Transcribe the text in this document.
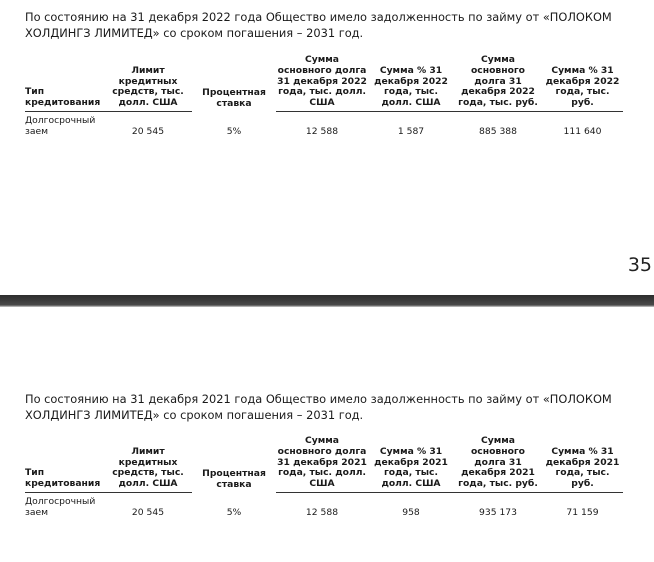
По состоянию на 31 декабря 2022 года Общество имело задолженность по займу от «ПОЛОКОМ ХОЛДИНГЗ ЛИМИТЕД» со сроком погашения – 2031 год.

Тип кредитования	Лимит кредитных средств, тыс. долл. США	Процентная ставка	Сумма основного долга 31 декабря 2022 года, тыс. долл. США	Сумма % 31 декабря 2022 года, тыс. долл. США	Сумма основного долга 31 декабря 2022 года, тыс. руб.	Сумма % 31 декабря 2022 года, тыс. руб.
Долгосрочный заем	20 545	5%	12 588	1 587	885 388	111 640
35

По состоянию на 31 декабря 2021 года Общество имело задолженность по займу от «ПОЛОКОМ ХОЛДИНГЗ ЛИМИТЕД» со сроком погашения – 2031 год.

Тип кредитования	Лимит кредитных средств, тыс. долл. США	Процентная ставка	Сумма основного долга 31 декабря 2021 года, тыс. долл. США	Сумма % 31 декабря 2021 года, тыс. долл. США	Сумма основного долга 31 декабря 2021 года, тыс. руб.	Сумма % 31 декабря 2021 года, тыс. руб.
Долгосрочный заем	20 545	5%	12 588	958	935 173	71 159
